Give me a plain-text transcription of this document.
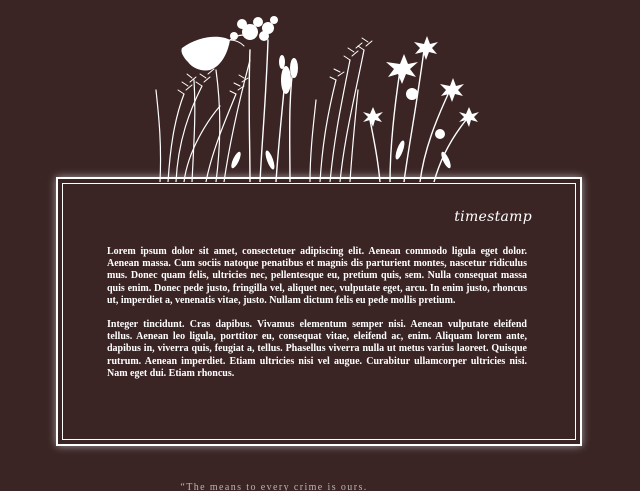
timestamp

Lorem ipsum dolor sit amet, consectetuer adipiscing elit. Aenean commodo ligula eget dolor. Aenean massa. Cum sociis natoque penatibus et magnis dis parturient montes, nascetur ridiculus mus. Donec quam felis, ultricies nec, pellentesque eu, pretium quis, sem. Nulla consequat massa quis enim. Donec pede justo, fringilla vel, aliquet nec, vulputate eget, arcu. In enim justo, rhoncus ut, imperdiet a, venenatis vitae, justo. Nullam dictum felis eu pede mollis pretium.

Integer tincidunt. Cras dapibus. Vivamus elementum semper nisi. Aenean vulputate eleifend tellus. Aenean leo ligula, porttitor eu, consequat vitae, eleifend ac, enim. Aliquam lorem ante, dapibus in, viverra quis, feugiat a, tellus. Phasellus viverra nulla ut metus varius laoreet. Quisque rutrum. Aenean imperdiet. Etiam ultricies nisi vel augue. Curabitur ullamcorper ultricies nisi. Nam eget dui. Etiam rhoncus.

“The means to every crime is ours.
